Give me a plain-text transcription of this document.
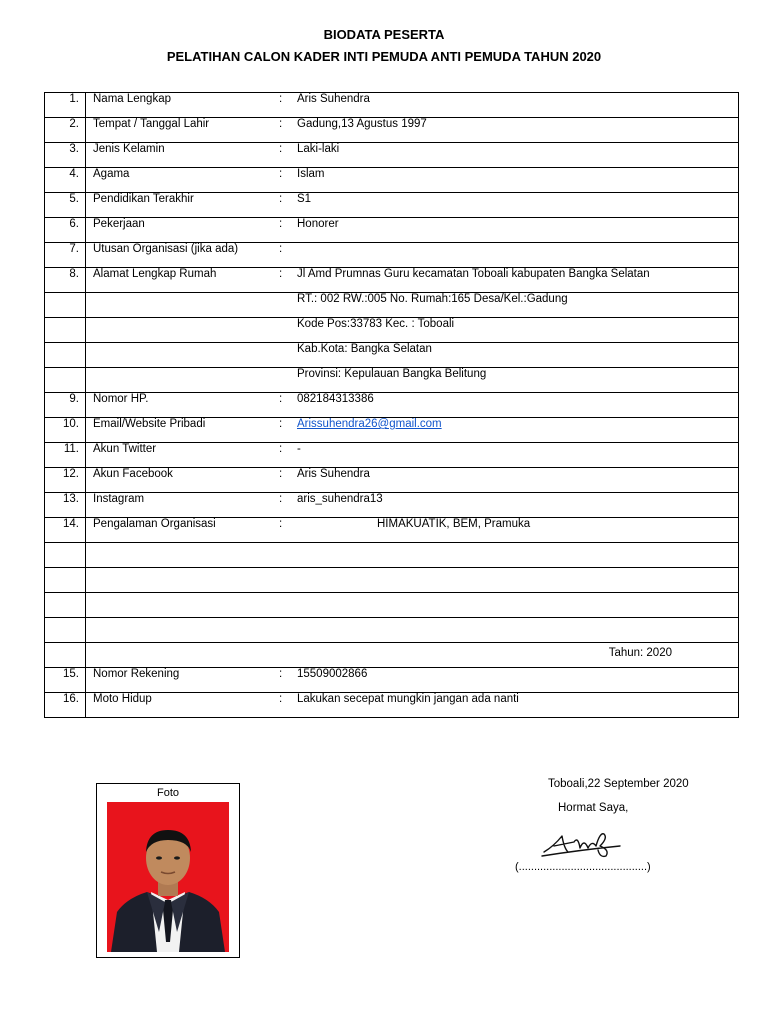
BIODATA PESERTA
PELATIHAN CALON KADER INTI PEMUDA ANTI PEMUDA TAHUN 2020
1.	Nama Lengkap : Aris Suhendra

2.	Tempat / Tanggal Lahir : Gadung,13 Agustus 1997

3.	Jenis Kelamin : Laki-laki

4.	Agama : Islam

5.	Pendidikan Terakhir : S1

6.	Pekerjaan : Honorer

7.	Utusan Organisasi (jika ada) :

8.	Alamat Lengkap Rumah : Jl Amd Prumnas Guru kecamatan Toboali kabupaten Bangka Selatan

	RT.: 002 RW.:005 No. Rumah:165 Desa/Kel.:Gadung

	Kode Pos:33783 Kec. : Toboali

	Kab.Kota: Bangka Selatan

	Provinsi: Kepulauan Bangka Belitung

9.	Nomor HP. : 082184313386

10.	Email/Website Pribadi : Arissuhendra26@gmail.com

11.	Akun Twitter : -

12.	Akun Facebook : Aris Suhendra

13.	Instagram : aris_suhendra13

14.	Pengalaman Organisasi : HIMAKUATIK, BEM, Pramuka

	Tahun: 2020

15.	Nomor Rekening : 15509002866

16.	Moto Hidup : Lakukan secepat mungkin jangan ada nanti
Foto
Toboali,22 September 2020
Hormat Saya,
(..........................................)
